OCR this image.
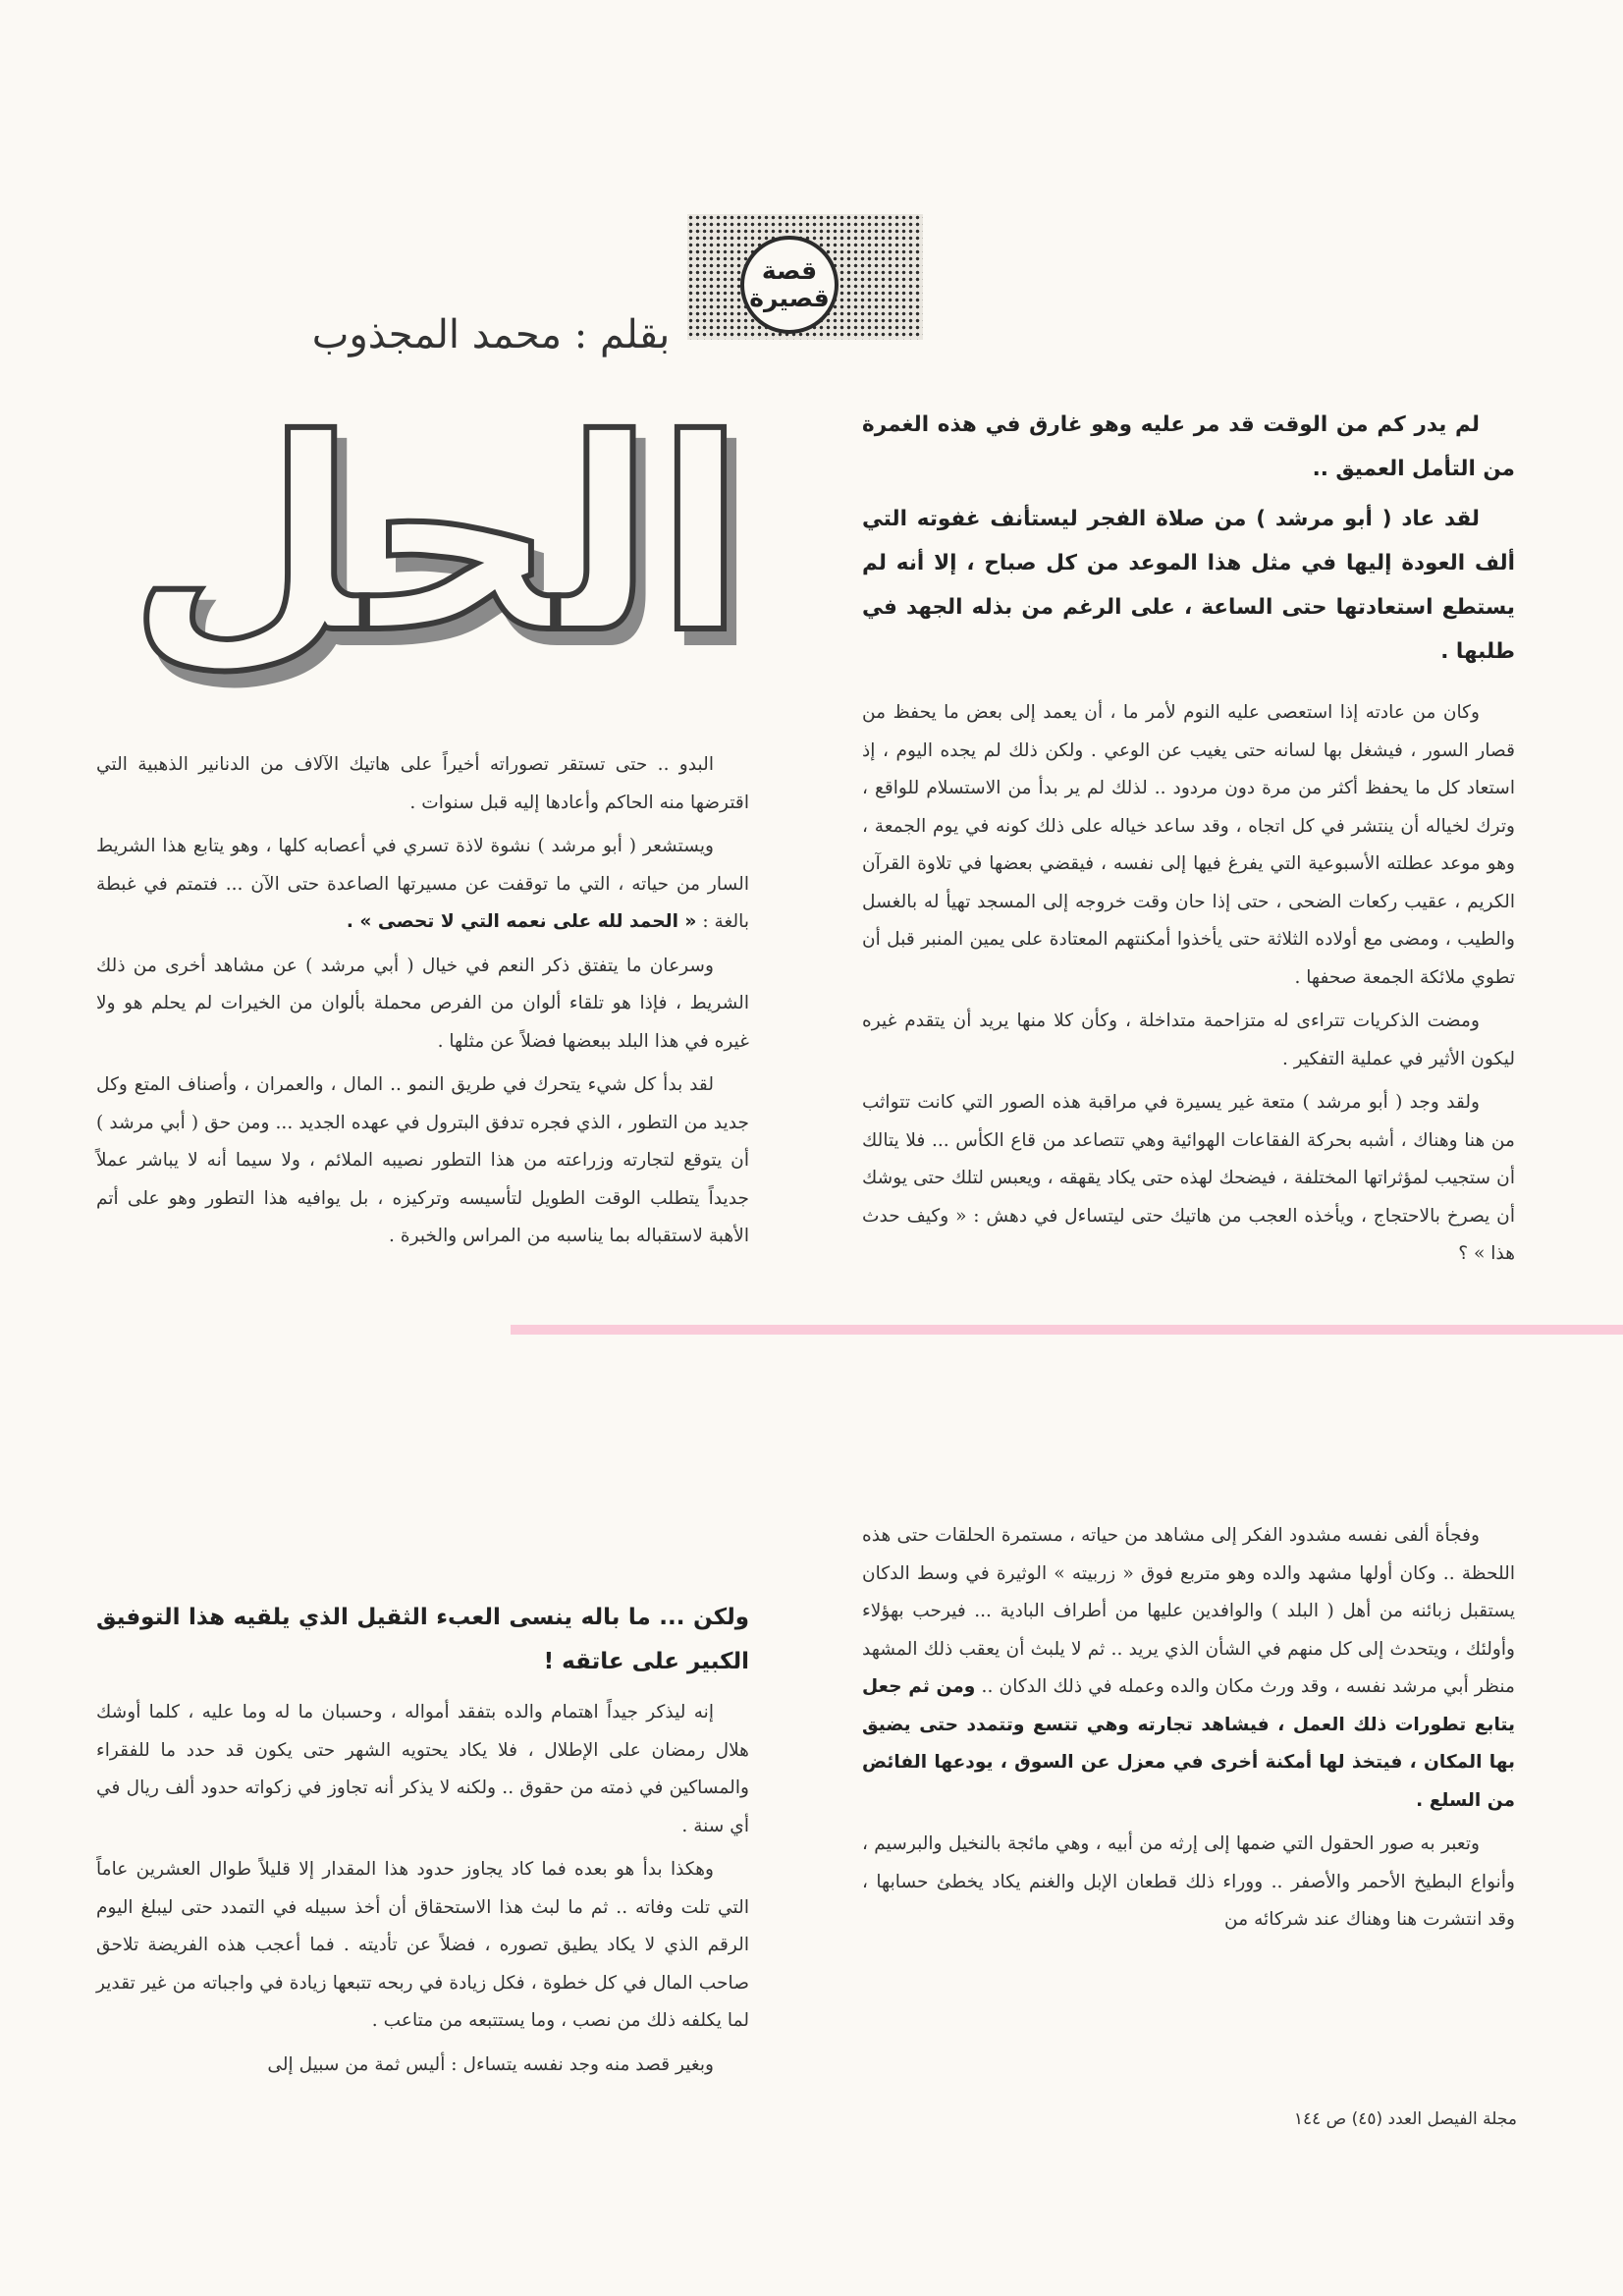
قصة
قصيرة
بقلم : محمد المجذوب
الحل	لم يدر كم من الوقت قد مر عليه وهو غارق في هذه الغمرة من التأمل العميق ..

لقد عاد ( أبو مرشد ) من صلاة الفجر ليستأنف غفوته التي ألف العودة إليها في مثل هذا الموعد من كل صباح ، إلا أنه لم يستطع استعادتها حتى الساعة ، على الرغم من بذله الجهد في طلبها .

وكان من عادته إذا استعصى عليه النوم لأمر ما ، أن يعمد إلى بعض ما يحفظ من قصار السور ، فيشغل بها لسانه حتى يغيب عن الوعي . ولكن ذلك لم يجده اليوم ، إذ استعاد كل ما يحفظ أكثر من مرة دون مردود .. لذلك لم ير بدأ من الاستسلام للواقع ، وترك لخياله أن ينتشر في كل اتجاه ، وقد ساعد خياله على ذلك كونه في يوم الجمعة ، وهو موعد عطلته الأسبوعية التي يفرغ فيها إلى نفسه ، فيقضي بعضها في تلاوة القرآن الكريم ، عقيب ركعات الضحى ، حتى إذا حان وقت خروجه إلى المسجد تهيأ له بالغسل والطيب ، ومضى مع أولاده الثلاثة حتى يأخذوا أمكنتهم المعتادة على يمين المنبر قبل أن تطوي ملائكة الجمعة صحفها .

ومضت الذكريات تتراءى له متزاحمة متداخلة ، وكأن كلا منها يريد أن يتقدم غيره ليكون الأثير في عملية التفكير .

ولقد وجد ( أبو مرشد ) متعة غير يسيرة في مراقبة هذه الصور التي كانت تتواثب من هنا وهناك ، أشبه بحركة الفقاعات الهوائية وهي تتصاعد من قاع الكأس ... فلا يتالك أن ستجيب لمؤثراتها المختلفة ، فيضحك لهذه حتى يكاد يقهقه ، ويعبس لتلك حتى يوشك أن يصرخ بالاحتجاج ، ويأخذه العجب من هاتيك حتى ليتساءل في دهش : « وكيف حدث هذا » ؟

وفجأة ألفى نفسه مشدود الفكر إلى مشاهد من حياته ، مستمرة الحلقات حتى هذه اللحظة .. وكان أولها مشهد والده وهو متربع فوق « زربيته » الوثيرة في وسط الدكان يستقبل زبائنه من أهل ( البلد ) والوافدين عليها من أطراف البادية ... فيرحب بهؤلاء وأولئك ، ويتحدث إلى كل منهم في الشأن الذي يريد .. ثم لا يلبث أن يعقب ذلك المشهد منظر أبي مرشد نفسه ، وقد ورث مكان والده وعمله في ذلك الدكان .. ومن ثم جعل يتابع تطورات ذلك العمل ، فيشاهد تجارته وهي تتسع وتتمدد حتى يضيق بها المكان ، فيتخذ لها أمكنة أخرى في معزل عن السوق ، يودعها الفائض من السلع .

وتعبر به صور الحقول التي ضمها إلى إرثه من أبيه ، وهي مائجة بالنخيل والبرسيم ، وأنواع البطيخ الأحمر والأصفر .. ووراء ذلك قطعان الإبل والغنم يكاد يخطئ حسابها ، وقد انتشرت هنا وهناك عند شركائه من

البدو .. حتى تستقر تصوراته أخيراً على هاتيك الآلاف من الدنانير الذهبية التي اقترضها منه الحاكم وأعادها إليه قبل سنوات .

ويستشعر ( أبو مرشد ) نشوة لاذة تسري في أعصابه كلها ، وهو يتابع هذا الشريط السار من حياته ، التي ما توقفت عن مسيرتها الصاعدة حتى الآن ... فتمتم في غبطة بالغة : « الحمد لله على نعمه التي لا تحصى » .

وسرعان ما يتفتق ذكر النعم في خيال ( أبي مرشد ) عن مشاهد أخرى من ذلك الشريط ، فإذا هو تلقاء ألوان من الفرص محملة بألوان من الخيرات لم يحلم هو ولا غيره في هذا البلد ببعضها فضلاً عن مثلها .

لقد بدأ كل شيء يتحرك في طريق النمو .. المال ، والعمران ، وأصناف المتع وكل جديد من التطور ، الذي فجره تدفق البترول في عهده الجديد ... ومن حق ( أبي مرشد ) أن يتوقع لتجارته وزراعته من هذا التطور نصيبه الملائم ، ولا سيما أنه لا يباشر عملاً جديداً يتطلب الوقت الطويل لتأسيسه وتركيزه ، بل يوافيه هذا التطور وهو على أتم الأهبة لاستقباله بما يناسبه من المراس والخبرة .

ولكن ... ما باله ينسى العبء الثقيل الذي يلقيه هذا التوفيق الكبير على عاتقه !

إنه ليذكر جيداً اهتمام والده بتفقد أمواله ، وحسبان ما له وما عليه ، كلما أوشك هلال رمضان على الإطلال ، فلا يكاد يحتويه الشهر حتى يكون قد حدد ما للفقراء والمساكين في ذمته من حقوق .. ولكنه لا يذكر أنه تجاوز في زكواته حدود ألف ريال في أي سنة .

وهكذا بدأ هو بعده فما كاد يجاوز حدود هذا المقدار إلا قليلاً طوال العشرين عاماً التي تلت وفاته .. ثم ما لبث هذا الاستحقاق أن أخذ سبيله في التمدد حتى ليبلغ اليوم الرقم الذي لا يكاد يطيق تصوره ، فضلاً عن تأديته . فما أعجب هذه الفريضة تلاحق صاحب المال في كل خطوة ، فكل زيادة في ربحه تتبعها زيادة في واجباته من غير تقدير لما يكلفه ذلك من نصب ، وما يستتبعه من متاعب .

وبغير قصد منه وجد نفسه يتساءل : أليس ثمة من سبيل إلى

مجلة الفيصل العدد (٤٥) ص ١٤٤
